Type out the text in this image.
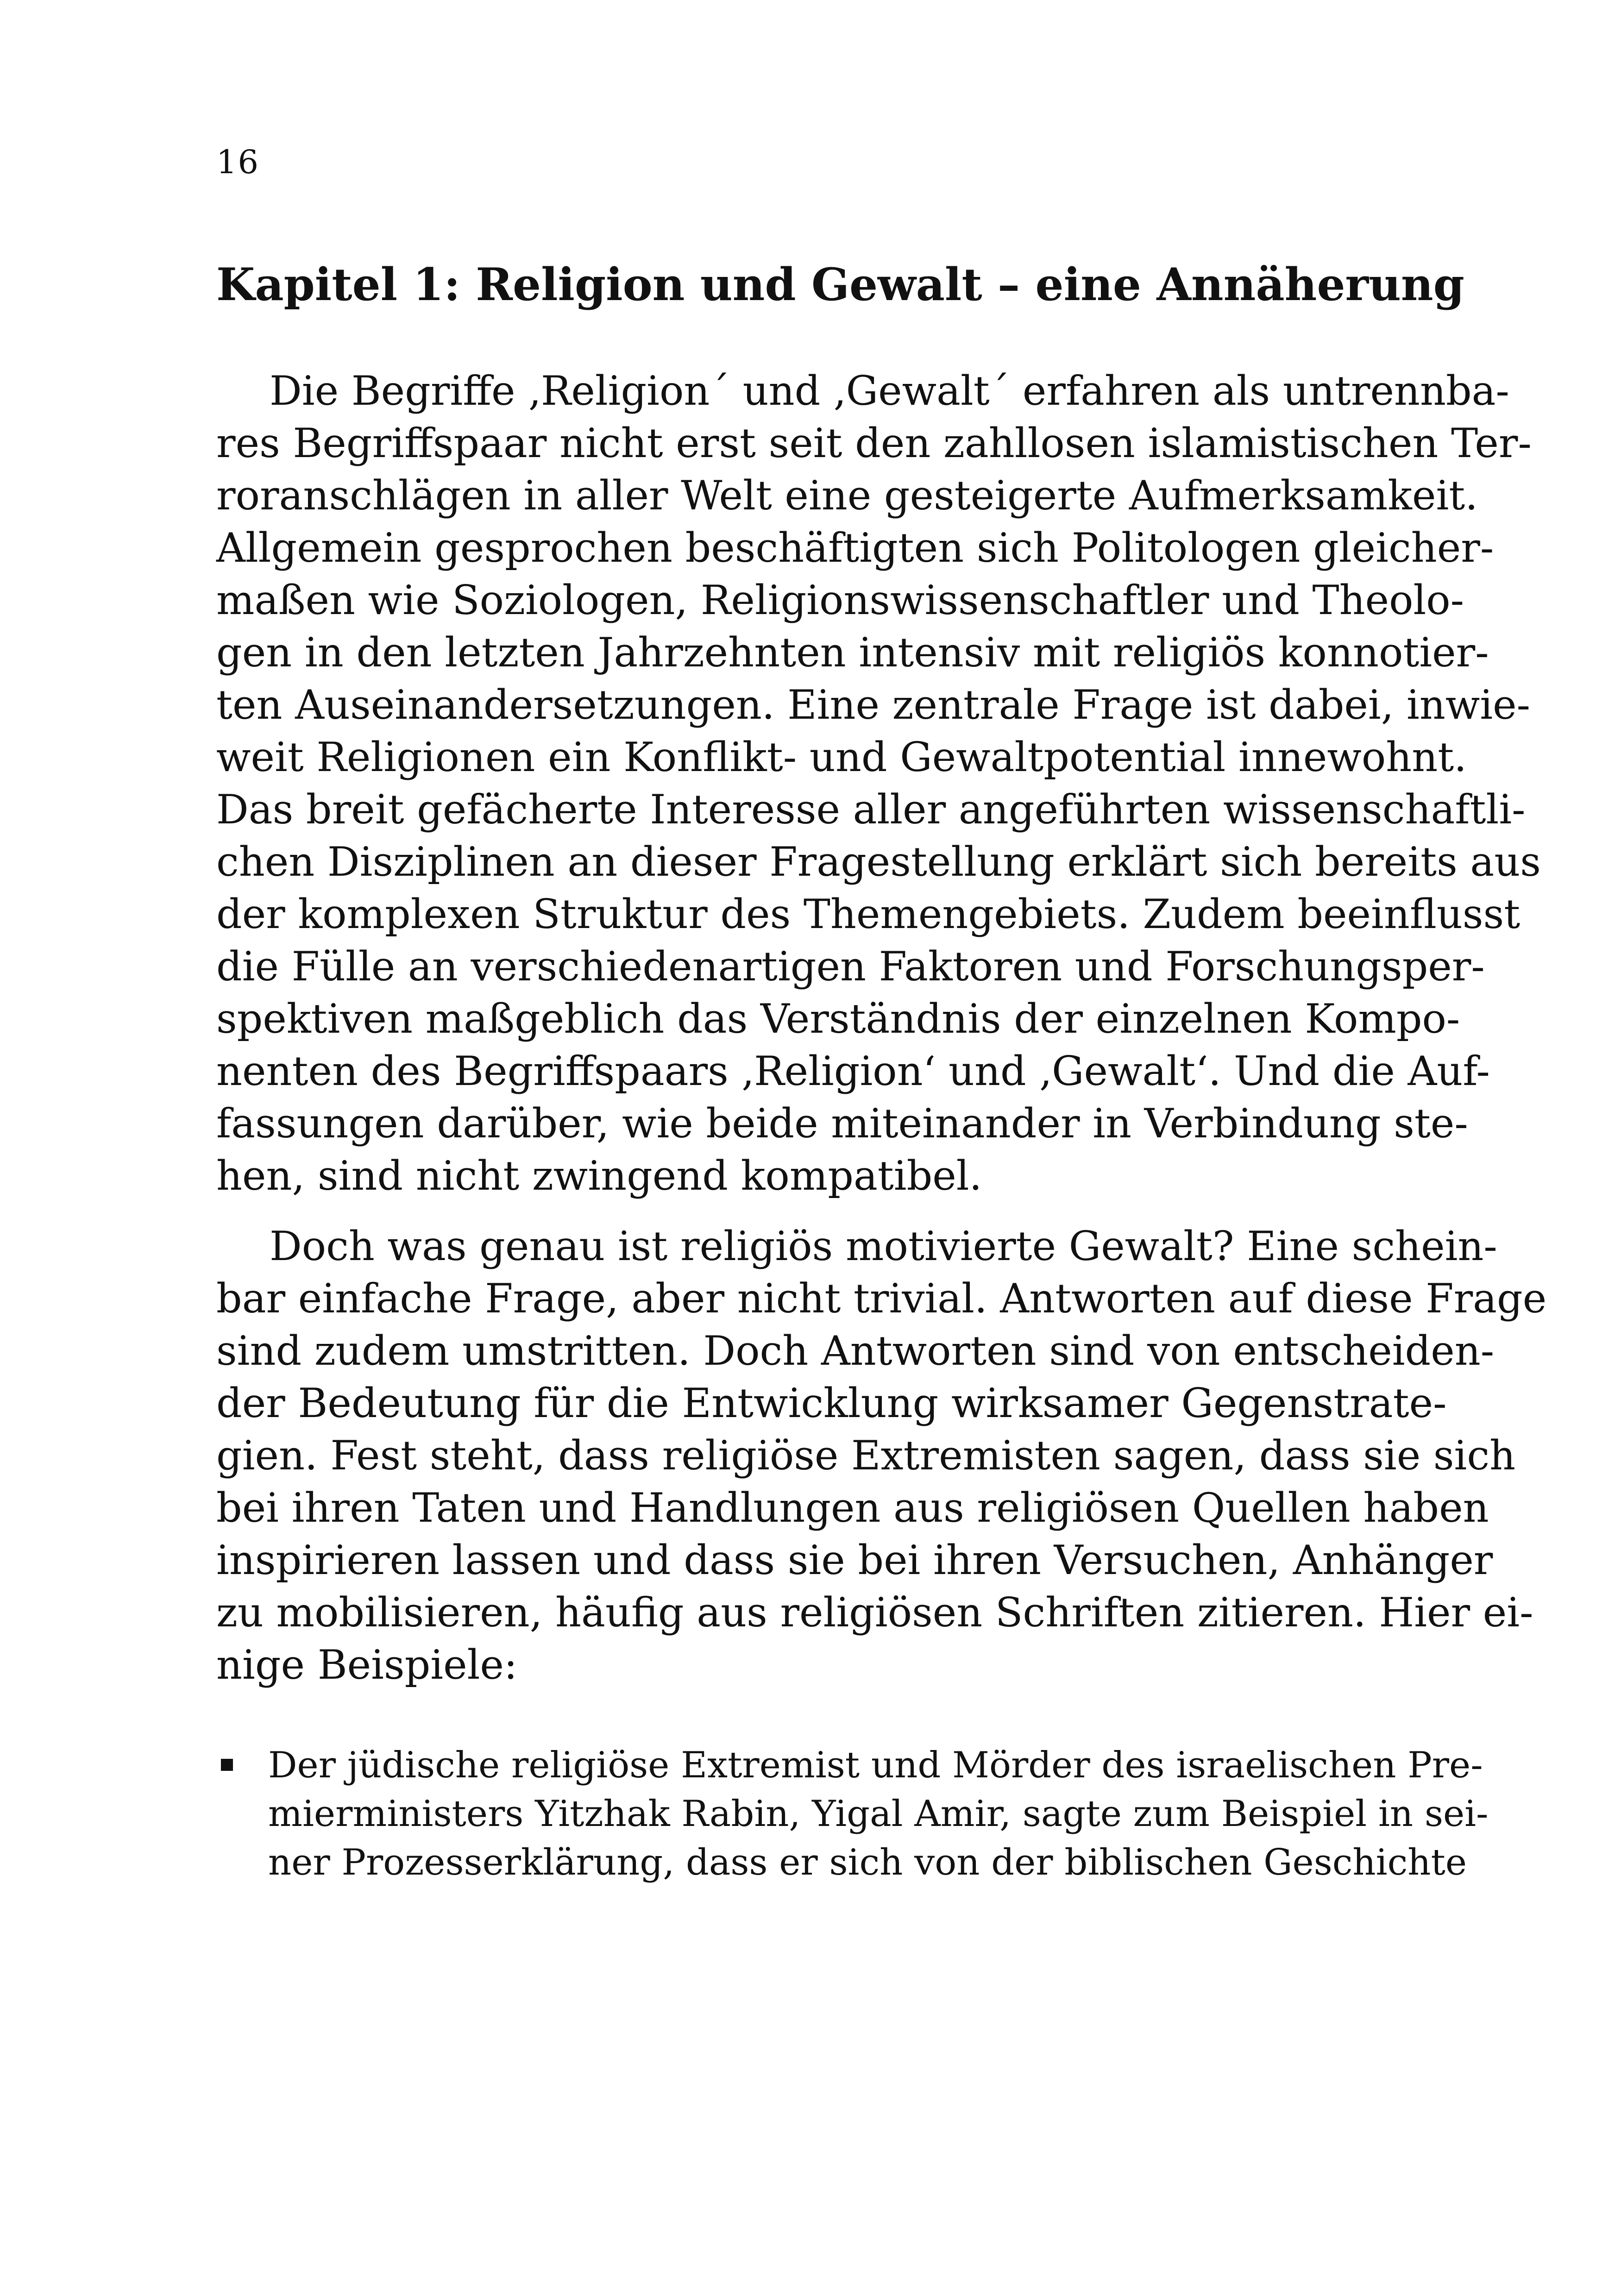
16
Kapitel 1: Religion und Gewalt – eine Annäherung
Die Begriffe ‚Religion´ und ‚Gewalt´ erfahren als untrennba-
res Begriffspaar nicht erst seit den zahllosen islamistischen Ter-
roranschlägen in aller Welt eine gesteigerte Aufmerksamkeit.
Allgemein gesprochen beschäftigten sich Politologen gleicher-
maßen wie Soziologen, Religionswissenschaftler und Theolo-
gen in den letzten Jahrzehnten intensiv mit religiös konnotier-
ten Auseinandersetzungen. Eine zentrale Frage ist dabei, inwie-
weit Religionen ein Konflikt- und Gewaltpotential innewohnt.
Das breit gefächerte Interesse aller angeführten wissenschaftli-
chen Disziplinen an dieser Fragestellung erklärt sich bereits aus
der komplexen Struktur des Themengebiets. Zudem beeinflusst
die Fülle an verschiedenartigen Faktoren und Forschungsper-
spektiven maßgeblich das Verständnis der einzelnen Kompo-
nenten des Begriffspaars ‚Religion‘ und ‚Gewalt‘. Und die Auf-
fassungen darüber, wie beide miteinander in Verbindung ste-
hen, sind nicht zwingend kompatibel.
Doch was genau ist religiös motivierte Gewalt? Eine schein-
bar einfache Frage, aber nicht trivial. Antworten auf diese Frage
sind zudem umstritten. Doch Antworten sind von entscheiden-
der Bedeutung für die Entwicklung wirksamer Gegenstrate-
gien. Fest steht, dass religiöse Extremisten sagen, dass sie sich
bei ihren Taten und Handlungen aus religiösen Quellen haben
inspirieren lassen und dass sie bei ihren Versuchen, Anhänger
zu mobilisieren, häufig aus religiösen Schriften zitieren. Hier ei-
nige Beispiele:
Der jüdische religiöse Extremist und Mörder des israelischen Pre-
mierministers Yitzhak Rabin, Yigal Amir, sagte zum Beispiel in sei-
ner Prozesserklärung, dass er sich von der biblischen Geschichte
